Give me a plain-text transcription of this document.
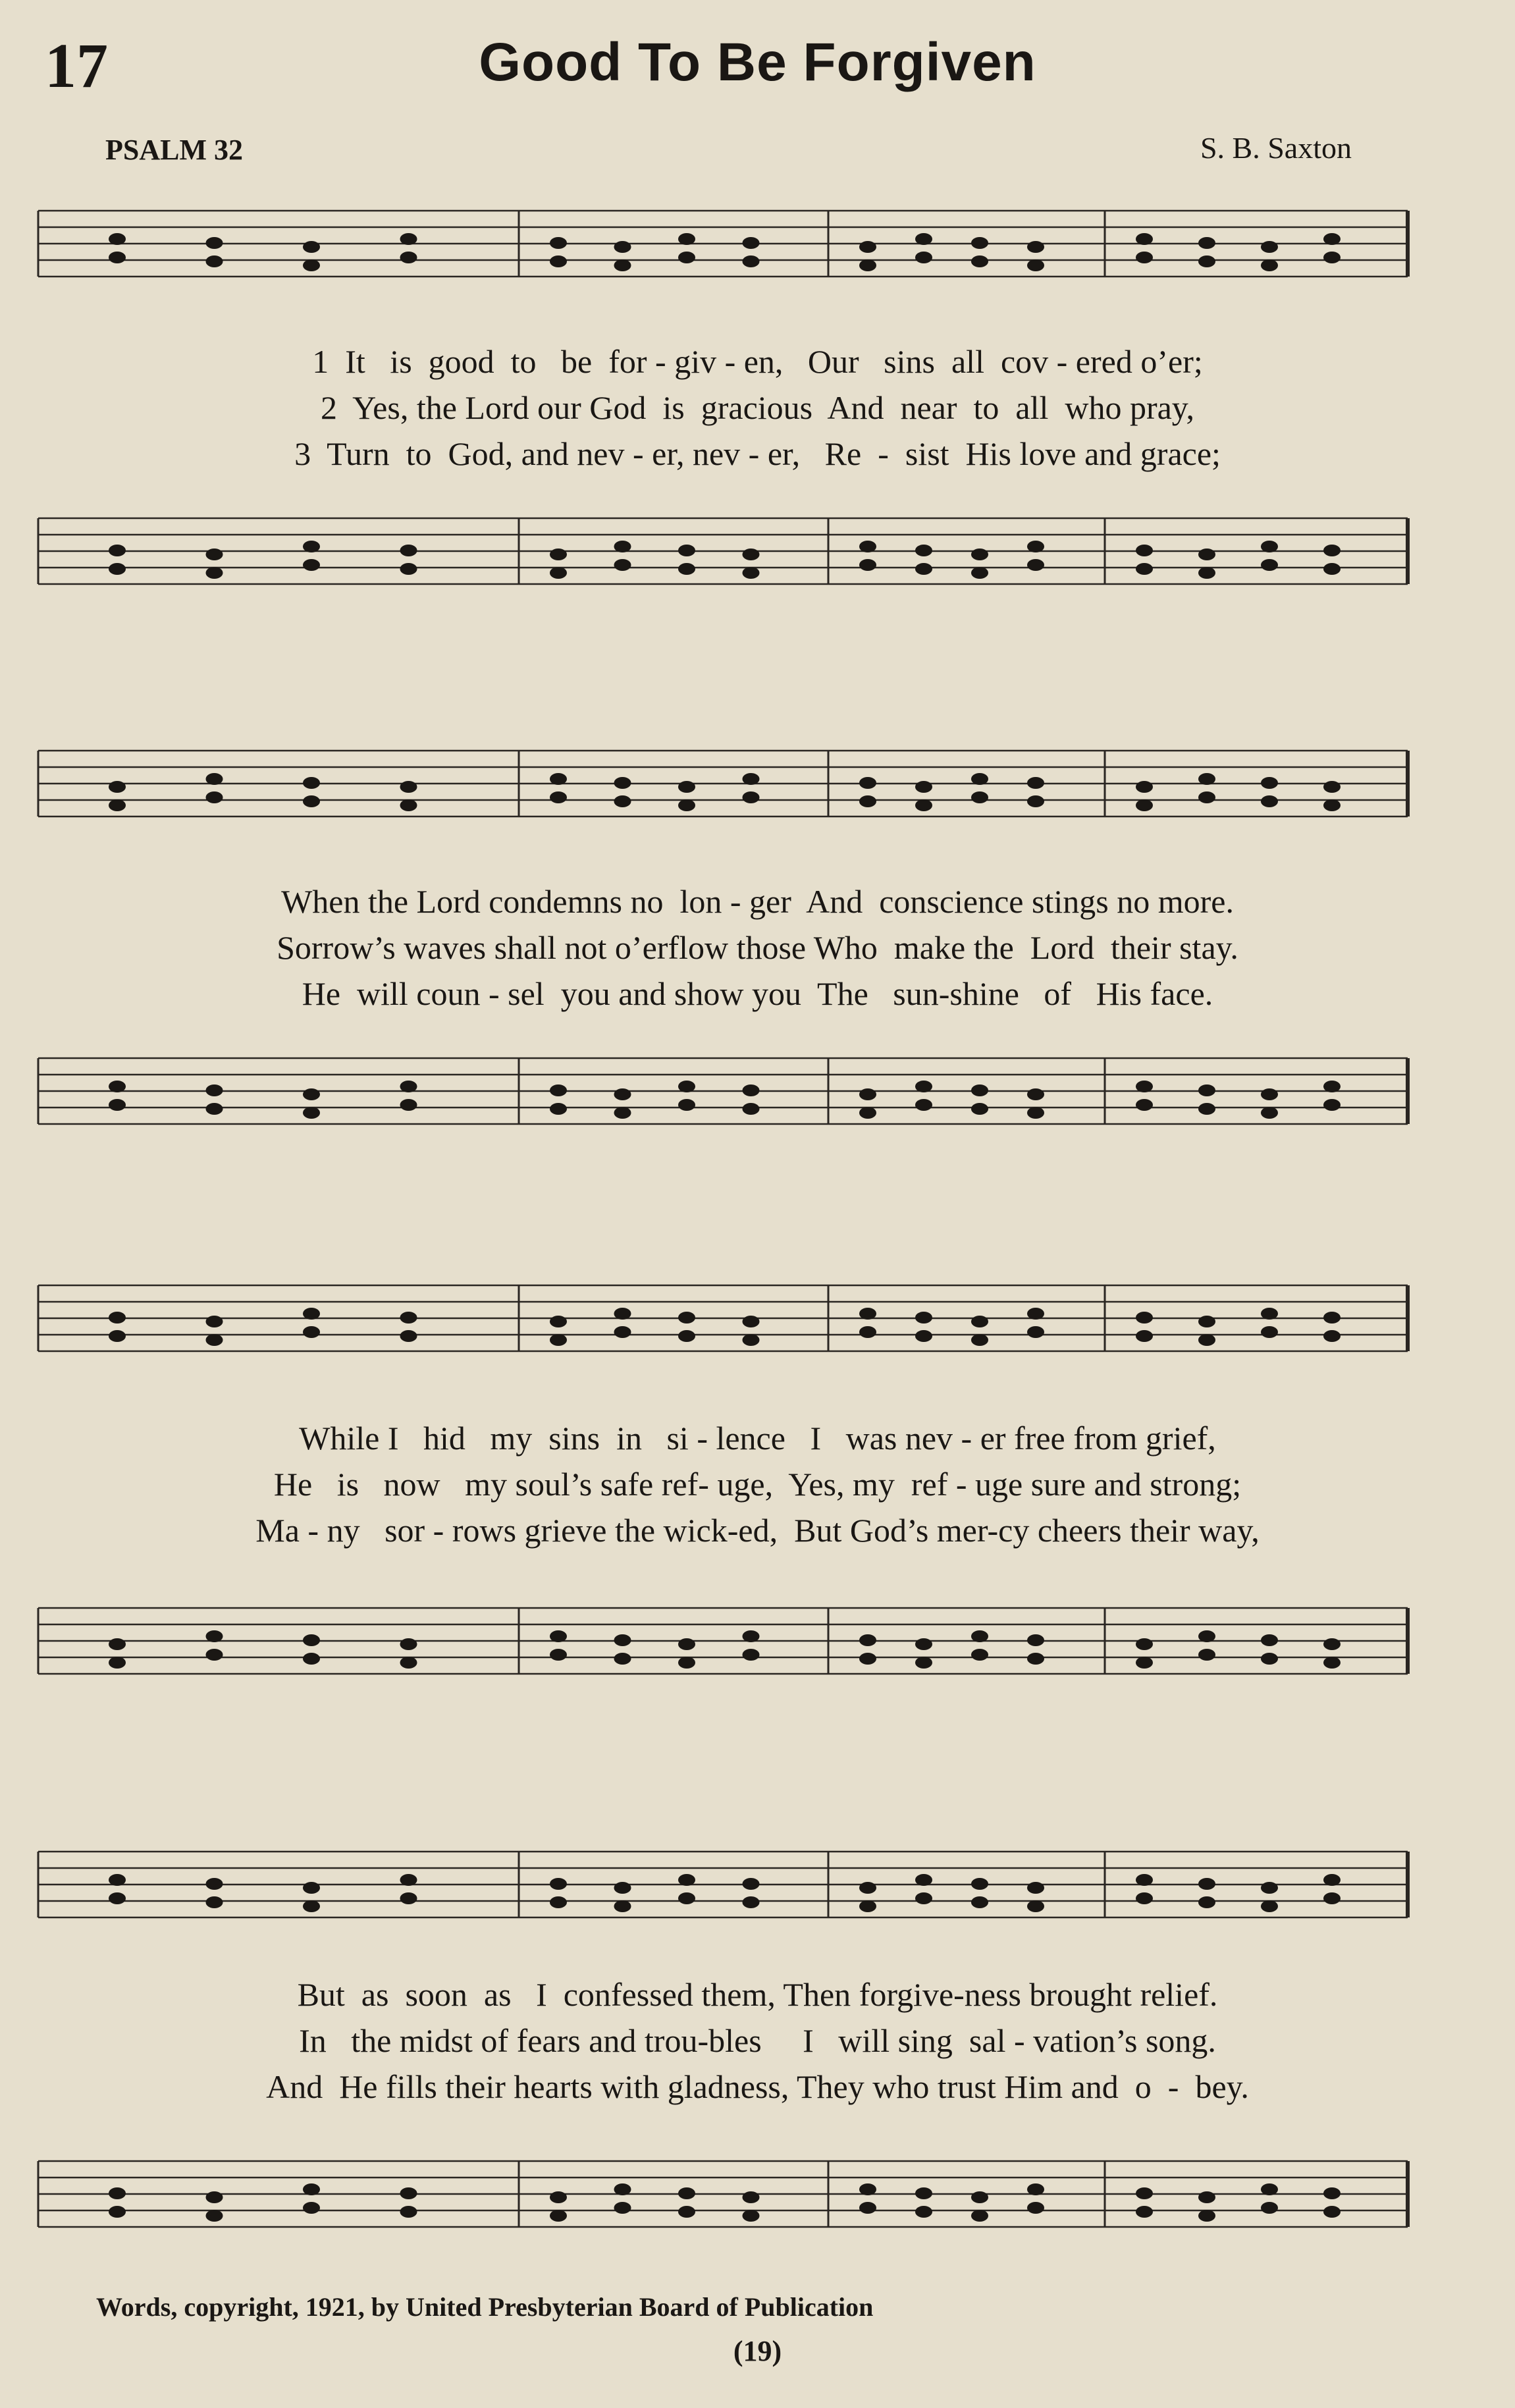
17	Good To Be Forgiven
PSALM 32	S. B. Saxton
1  It   is  good  to   be  for - giv - en,   Our   sins  all  cov - ered o’er;
2  Yes, the Lord our God  is  gracious  And  near  to  all  who pray,
3  Turn  to  God, and nev - er, nev - er,   Re  -  sist  His love and grace;
When the Lord condemns no  lon - ger  And  conscience stings no more.
Sorrow’s waves shall not o’erflow those Who  make the  Lord  their stay.
He  will coun - sel  you and show you  The   sun-shine   of   His face.
While I   hid   my  sins  in   si - lence   I   was nev - er free from grief,
He   is   now   my soul’s safe ref- uge,  Yes, my  ref - uge sure and strong;
Ma - ny   sor - rows grieve the wick-ed,  But God’s mer-cy cheers their way,
But  as  soon  as   I  confessed them, Then forgive-ness brought relief.
In   the midst of fears and trou-bles     I   will sing  sal - vation’s song.
And  He fills their hearts with gladness, They who trust Him and  o  -  bey.
Words, copyright, 1921, by United Presbyterian Board of Publication
(19)
